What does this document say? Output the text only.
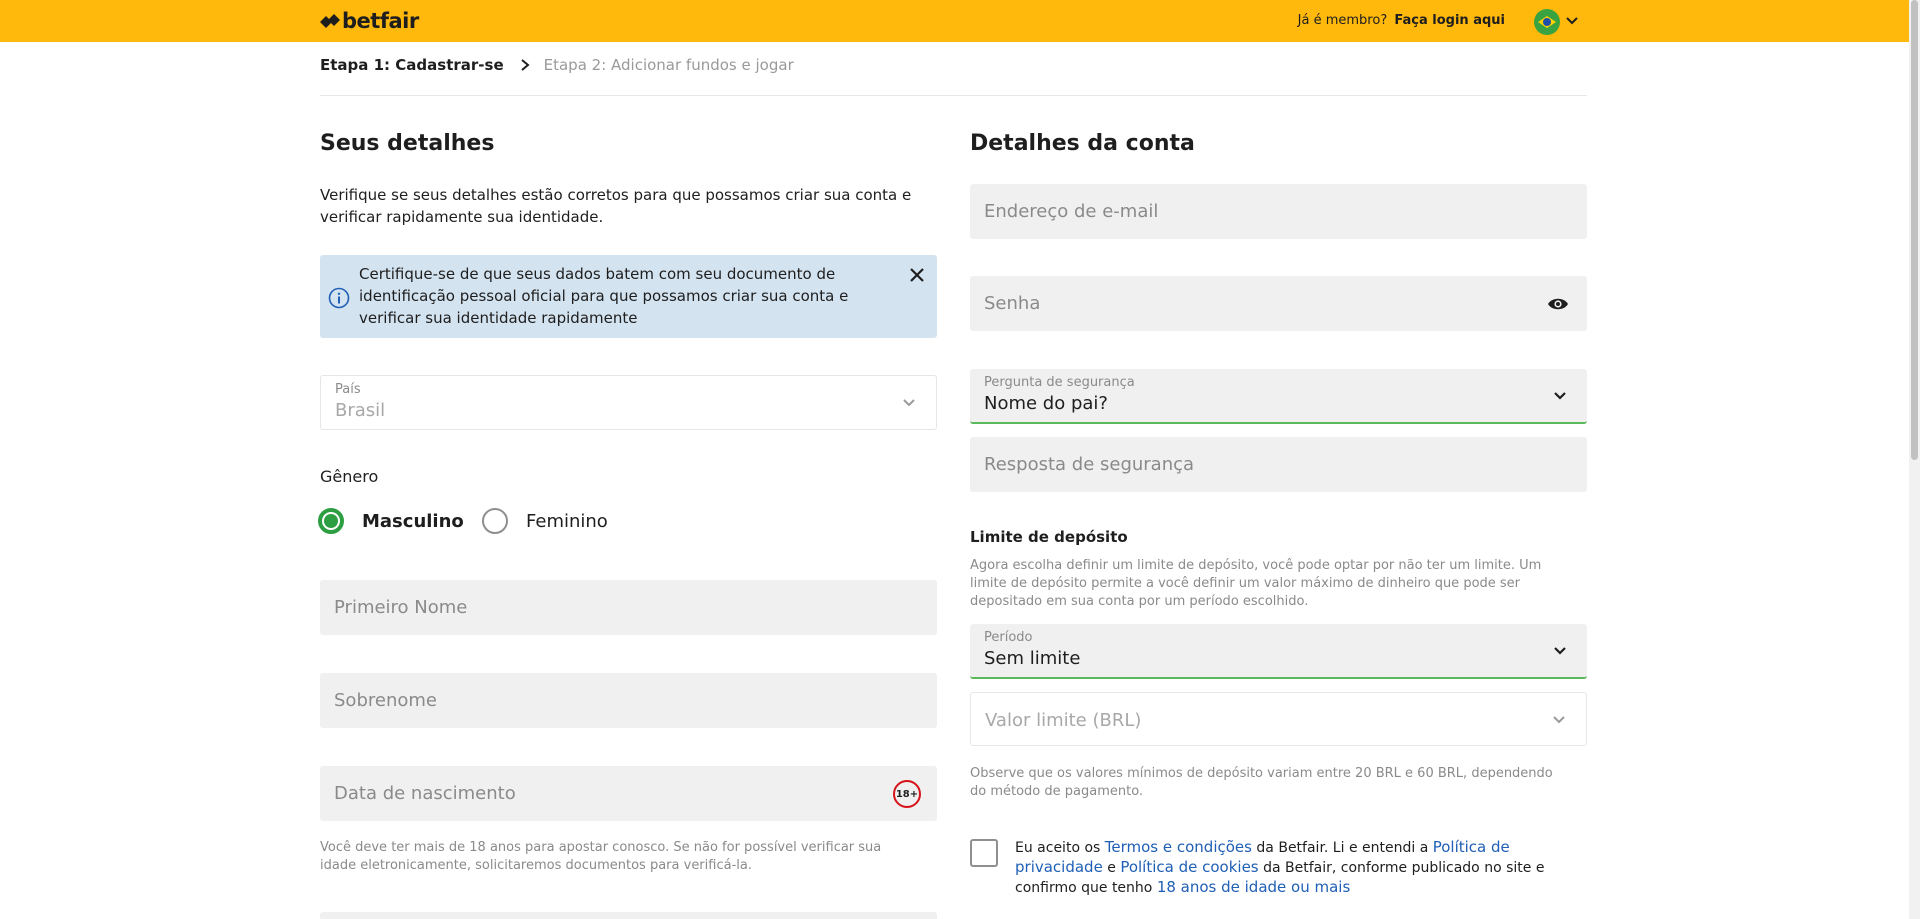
betfair	Já é membro? Faça login aqui
Etapa 1: Cadastrar-se	Etapa 2: Adicionar fundos e jogar
Seus detalhes
Verifique se seus detalhes estão corretos para que possamos criar sua conta e verificar rapidamente sua identidade.
Certifique-se de que seus dados batem com seu documento de identificação pessoal oficial para que possamos criar sua conta e verificar sua identidade rapidamente
País
Brasil
Gênero
Masculino	Feminino
Primeiro Nome
Sobrenome
Data de nascimento	18+
Você deve ter mais de 18 anos para apostar conosco. Se não for possível verificar sua idade eletronicamente, solicitaremos documentos para verificá-la.
Detalhes da conta
Endereço de e-mail
Senha
Pergunta de segurança
Nome do pai?
Resposta de segurança
Limite de depósito
Agora escolha definir um limite de depósito, você pode optar por não ter um limite. Um limite de depósito permite a você definir um valor máximo de dinheiro que pode ser depositado em sua conta por um período escolhido.
Período
Sem limite
Valor limite (BRL)
Observe que os valores mínimos de depósito variam entre 20 BRL e 60 BRL, dependendo do método de pagamento.
Eu aceito os Termos e condições da Betfair. Li e entendi a Política de privacidade e Política de cookies da Betfair, conforme publicado no site e confirmo que tenho 18 anos de idade ou mais
